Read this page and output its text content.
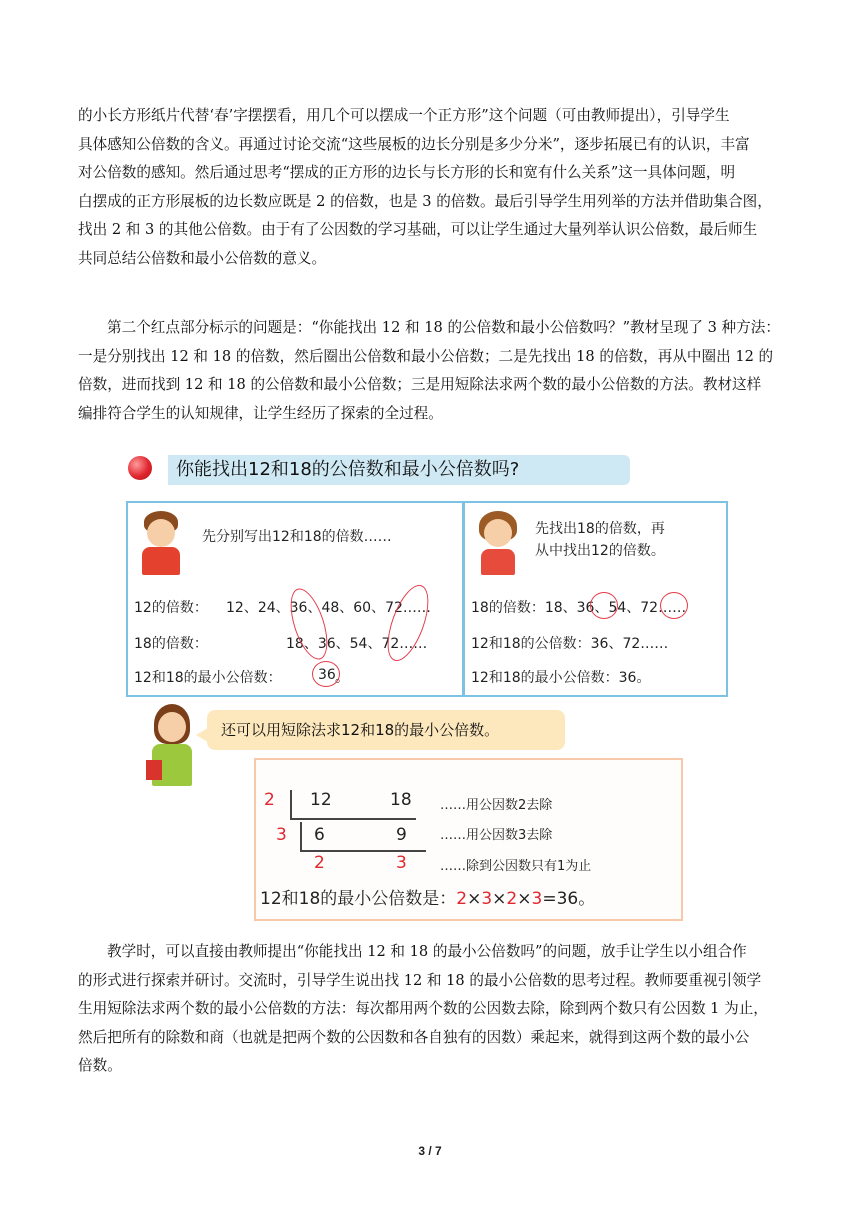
的小长方形纸片代替‘春’字摆摆看，用几个可以摆成一个正方形”这个问题（可由教师提出），引导学生
具体感知公倍数的含义。再通过讨论交流“这些展板的边长分别是多少分米”，逐步拓展已有的认识，丰富
对公倍数的感知。然后通过思考“摆成的正方形的边长与长方形的长和宽有什么关系”这一具体问题，明
白摆成的正方形展板的边长数应既是 2 的倍数，也是 3 的倍数。最后引导学生用列举的方法并借助集合图，
找出 2 和 3 的其他公倍数。由于有了公因数的学习基础，可以让学生通过大量列举认识公倍数，最后师生
共同总结公倍数和最小公倍数的意义。
第二个红点部分标示的问题是：“你能找出 12 和 18 的公倍数和最小公倍数吗？”教材呈现了 3 种方法：
一是分别找出 12 和 18 的倍数，然后圈出公倍数和最小公倍数；二是先找出 18 的倍数，再从中圈出 12 的
倍数，进而找到 12 和 18 的公倍数和最小公倍数；三是用短除法求两个数的最小公倍数的方法。教材这样
编排符合学生的认知规律，让学生经历了探索的全过程。
你能找出12和18的公倍数和最小公倍数吗?
先分别写出12和18的倍数……
12的倍数： 12、24、36、48、60、72……
18的倍数：	18、36、54、72……
12和18的最小公倍数：	36 。
先找出18的倍数，再
从中找出12的倍数。
18的倍数：18、36、54、72……
12和18的公倍数：36、72……
12和18的最小公倍数：36。
还可以用短除法求12和18的最小公倍数。
2 12	18 ……用公因数2去除
3 6	9	……用公因数3去除
2	3	……除到公因数只有1为止
12和18的最小公倍数是：2×3×2×3=36。
教学时，可以直接由教师提出“你能找出 12 和 18 的最小公倍数吗”的问题，放手让学生以小组合作
的形式进行探索并研讨。交流时，引导学生说出找 12 和 18 的最小公倍数的思考过程。教师要重视引领学
生用短除法求两个数的最小公倍数的方法：每次都用两个数的公因数去除，除到两个数只有公因数 1 为止，
然后把所有的除数和商（也就是把两个数的公因数和各自独有的因数）乘起来，就得到这两个数的最小公
倍数。
3 / 7
